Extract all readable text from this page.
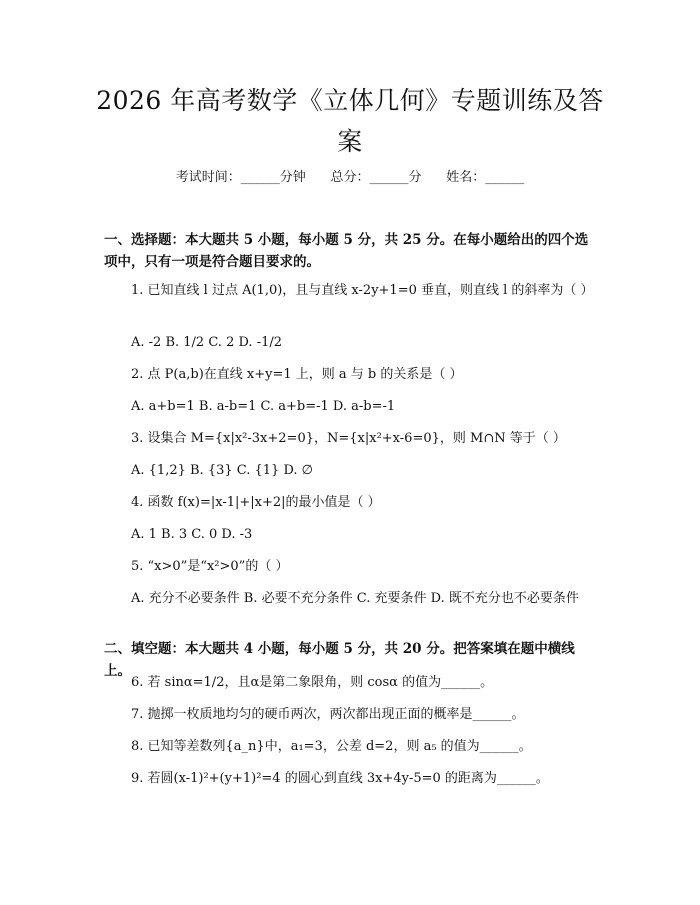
2026 年高考数学《立体几何》专题训练及答案
考试时间：______分钟      总分：______分      姓名：______
一、选择题：本大题共 5 小题，每小题 5 分，共 25 分。在每小题给出的四个选项中，只有一项是符合题目要求的。
1. 已知直线 l 过点 A(1,0)，且与直线 x-2y+1=0 垂直，则直线 l 的斜率为（ ）
A. -2 B. 1/2 C. 2 D. -1/2
2. 点 P(a,b)在直线 x+y=1 上，则 a 与 b 的关系是（ ）
A. a+b=1 B. a-b=1 C. a+b=-1 D. a-b=-1
3. 设集合 M={x|x²-3x+2=0}，N={x|x²+x-6=0}，则 M∩N 等于（ ）
A. {1,2} B. {3} C. {1} D. ∅
4. 函数 f(x)=|x-1|+|x+2|的最小值是（ ）
A. 1 B. 3 C. 0 D. -3
5. “x>0”是“x²>0”的（ ）
A. 充分不必要条件 B. 必要不充分条件 C. 充要条件 D. 既不充分也不必要条件
二、填空题：本大题共 4 小题，每小题 5 分，共 20 分。把答案填在题中横线上。
6. 若 sinα=1/2，且α是第二象限角，则 cosα 的值为______。
7. 抛掷一枚质地均匀的硬币两次，两次都出现正面的概率是______。
8. 已知等差数列{a_n}中，a₁=3，公差 d=2，则 a₅ 的值为______。
9. 若圆(x-1)²+(y+1)²=4 的圆心到直线 3x+4y-5=0 的距离为______。
